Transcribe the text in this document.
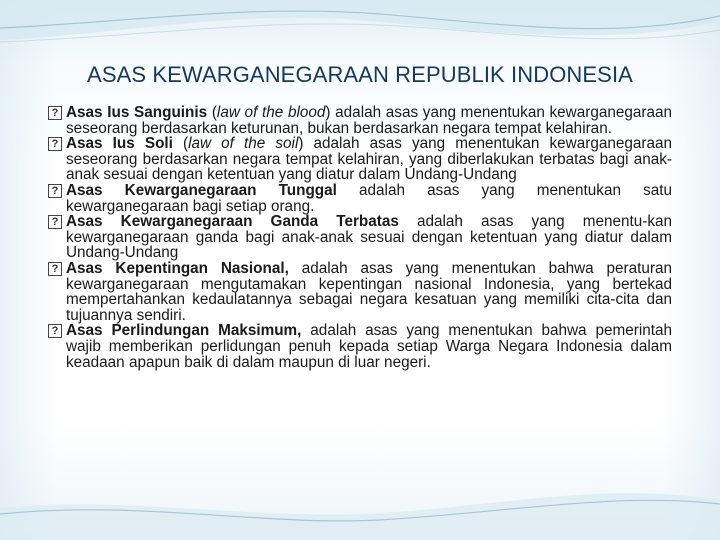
ASAS KEWARGANEGARAAN REPUBLIK INDONESIA
? Asas Ius Sanguinis (law of the blood) adalah asas yang menentukan kewarganegaraan seseorang berdasarkan keturunan, bukan berdasarkan negara tempat kelahiran.
? Asas Ius Soli (law of the soil) adalah asas yang menentukan kewarganegaraan seseorang berdasarkan negara tempat kelahiran, yang diberlakukan terbatas bagi anak-anak sesuai dengan ketentuan yang diatur dalam Undang-Undang
? Asas Kewarganegaraan Tunggal adalah asas yang menentukan satu kewarganegaraan bagi setiap orang.
? Asas Kewarganegaraan Ganda Terbatas adalah asas yang menentu-kan kewarganegaraan ganda bagi anak-anak sesuai dengan ketentuan yang diatur dalam Undang-Undang
? Asas Kepentingan Nasional, adalah asas yang menentukan bahwa peraturan kewarganegaraan mengutamakan kepentingan nasional Indonesia, yang bertekad mempertahankan kedaulatannya sebagai negara kesatuan yang memiliki cita-cita dan tujuannya sendiri.
? Asas Perlindungan Maksimum, adalah asas yang menentukan bahwa pemerintah wajib memberikan perlidungan penuh kepada setiap Warga Negara Indonesia dalam keadaan apapun baik di dalam maupun di luar negeri.
